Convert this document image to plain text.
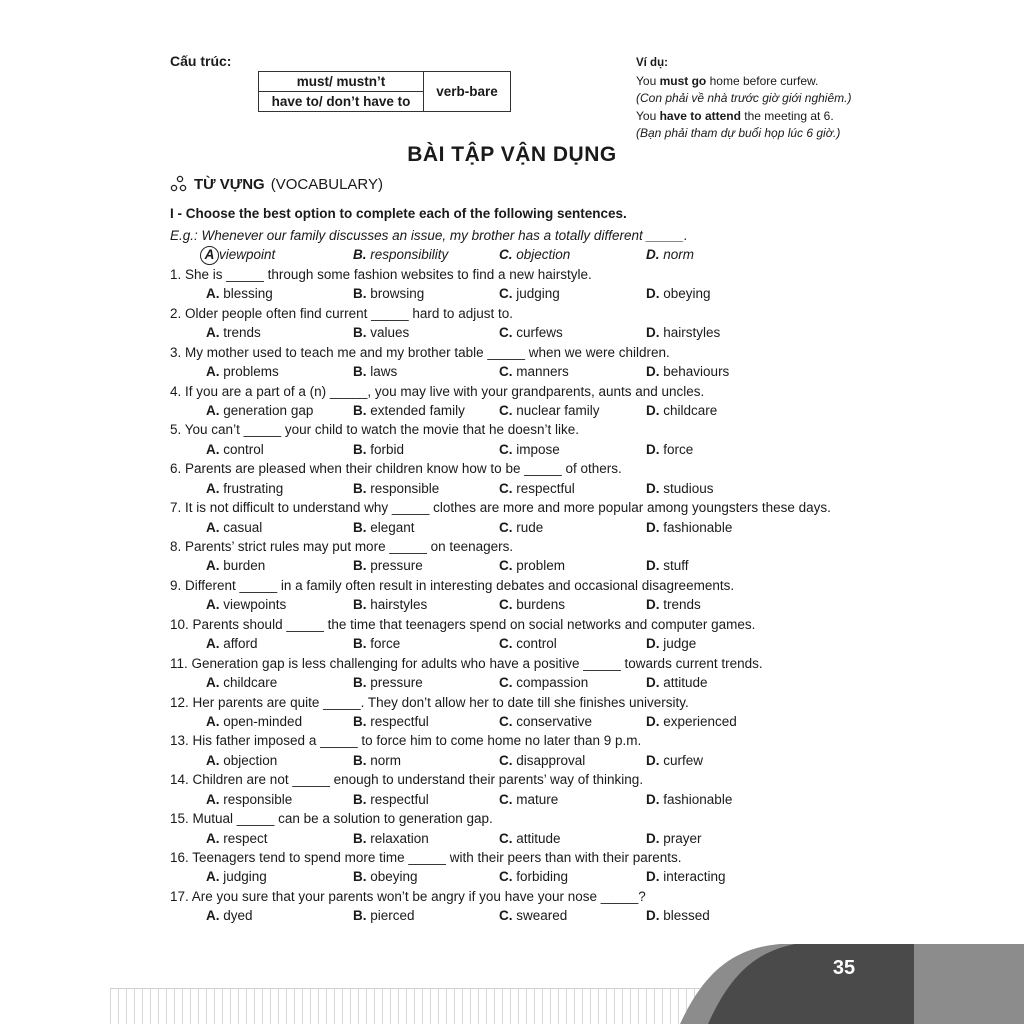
Cấu trúc:
must/ mustn’t	verb-bare
have to/ don’t have to
Ví dụ:
You must go home before curfew.
(Con phải về nhà trước giờ giới nghiêm.)
You have to attend the meeting at 6.
(Bạn phải tham dự buổi họp lúc 6 giờ.)
BÀI TẬP VẬN DỤNG
TỪ VỰNG (VOCABULARY)
I - Choose the best option to complete each of the following sentences.
E.g.: Whenever our family discusses an issue, my brother has a totally different _____.
A viewpoint	B. responsibility	C. objection	D. norm
1. She is _____ through some fashion websites to find a new hairstyle.
A. blessing	B. browsing	C. judging	D. obeying
2. Older people often find current _____ hard to adjust to.
A. trends	B. values	C. curfews	D. hairstyles
3. My mother used to teach me and my brother table _____ when we were children.
A. problems	B. laws	C. manners	D. behaviours
4. If you are a part of a (n) _____, you may live with your grandparents, aunts and uncles.
A. generation gap	B. extended family	C. nuclear family	D. childcare
5. You can’t _____ your child to watch the movie that he doesn’t like.
A. control	B. forbid	C. impose	D. force
6. Parents are pleased when their children know how to be _____ of others.
A. frustrating	B. responsible	C. respectful	D. studious
7. It is not difficult to understand why _____ clothes are more and more popular among youngsters these days.
A. casual	B. elegant	C. rude	D. fashionable
8. Parents’ strict rules may put more _____ on teenagers.
A. burden	B. pressure	C. problem	D. stuff
9. Different _____ in a family often result in interesting debates and occasional disagreements.
A. viewpoints	B. hairstyles	C. burdens	D. trends
10. Parents should _____ the time that teenagers spend on social networks and computer games.
A. afford	B. force	C. control	D. judge
11. Generation gap is less challenging for adults who have a positive _____ towards current trends.
A. childcare	B. pressure	C. compassion	D. attitude
12. Her parents are quite _____. They don’t allow her to date till she finishes university.
A. open-minded	B. respectful	C. conservative	D. experienced
13. His father imposed a _____ to force him to come home no later than 9 p.m.
A. objection	B. norm	C. disapproval	D. curfew
14. Children are not _____ enough to understand their parents’ way of thinking.
A. responsible	B. respectful	C. mature	D. fashionable
15. Mutual _____ can be a solution to generation gap.
A. respect	B. relaxation	C. attitude	D. prayer
16. Teenagers tend to spend more time _____ with their peers than with their parents.
A. judging	B. obeying	C. forbiding	D. interacting
17. Are you sure that your parents won’t be angry if you have your nose _____?
A. dyed	B. pierced	C. sweared	D. blessed
35
